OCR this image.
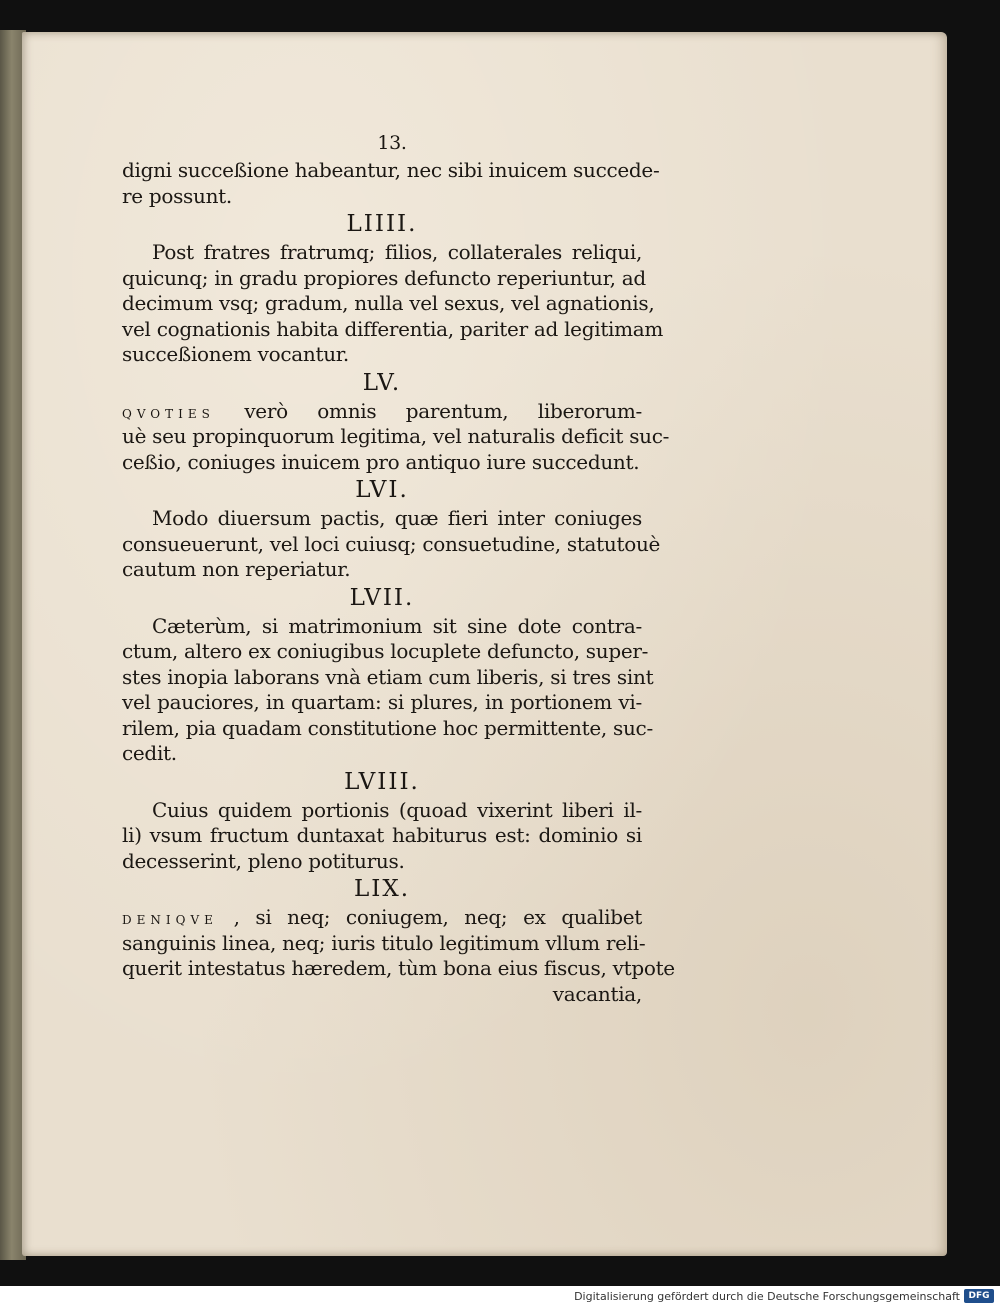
13.
digni succeßione habeantur, nec sibi inuicem succede-
re possunt.
LIIII.
Post fratres fratrumq; filios, collaterales reliqui,
quicunq; in gradu propiores defuncto reperiuntur, ad
decimum vsq; gradum, nulla vel sexus, vel agnationis,
vel cognationis habita differentia, pariter ad legitimam
succeßionem vocantur.
LV.
QVOTIES verò omnis parentum, liberorum-
uè seu propinquorum legitima, vel naturalis deficit suc-
ceßio, coniuges inuicem pro antiquo iure succedunt.
LVI.
Modo diuersum pactis, quæ fieri inter coniuges
consueuerunt, vel loci cuiusq; consuetudine, statutouè
cautum non reperiatur.
LVII.
Cæterùm, si matrimonium sit sine dote contra-
ctum, altero ex coniugibus locuplete defuncto, super-
stes inopia laborans vnà etiam cum liberis, si tres sint
vel pauciores, in quartam: si plures, in portionem vi-
rilem, pia quadam constitutione hoc permittente, suc-
cedit.
LVIII.
Cuius quidem portionis (quoad vixerint liberi il-
li) vsum fructum duntaxat habiturus est: dominio si
decesserint, pleno potiturus.
LIX.
DENIQVE , si neq; coniugem, neq; ex qualibet
sanguinis linea, neq; iuris titulo legitimum vllum reli-
querit intestatus hæredem, tùm bona eius fiscus, vtpote
vacantia,
Digitalisierung gefördert durch die Deutsche Forschungsgemeinschaft DFG
